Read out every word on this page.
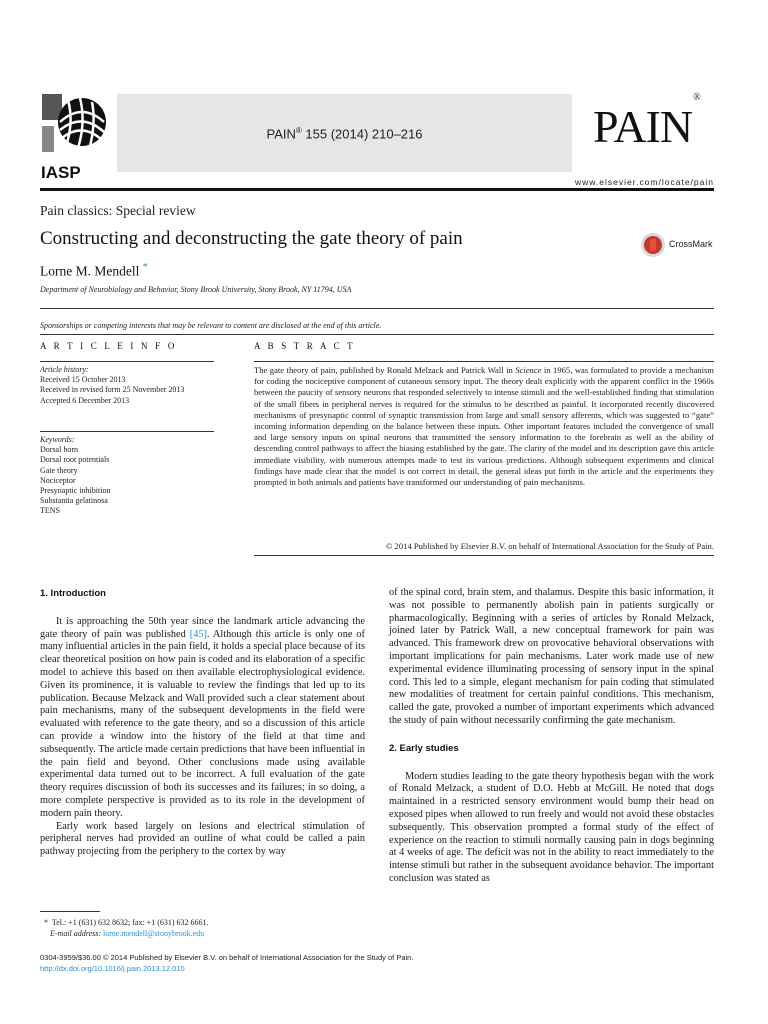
IASP
PAIN® 155 (2014) 210–216	PAIN®
www.elsevier.com/locate/pain
Pain classics: Special review
Constructing and deconstructing the gate theory of pain	CrossMark
Lorne M. Mendell *
Department of Neurobiology and Behavior, Stony Brook University, Stony Brook, NY 11794, USA
Sponsorships or competing interests that may be relevant to content are disclosed at the end of this article.
A R T I C L E I N F O	A B S T R A C T
Article history:
Received 15 October 2013
Received in revised form 25 November 2013
Accepted 6 December 2013
Keywords:
Dorsal horn
Dorsal root potentials
Gate theory
Nociceptor
Presynaptic inhibition
Substantia gelatinosa
TENS
The gate theory of pain, published by Ronald Melzack and Patrick Wall in Science in 1965, was formulated to provide a mechanism for coding the nociceptive component of cutaneous sensory input. The theory dealt explicitly with the apparent conflict in the 1960s between the paucity of sensory neurons that responded selectively to intense stimuli and the well-established finding that stimulation of the small fibers in peripheral nerves is required for the stimulus to be described as painful. It incorporated recently discovered mechanisms of presynaptic control of synaptic transmission from large and small sensory afferents, which was suggested to “gate” incoming information depending on the balance between these inputs. Other important features included the convergence of small and large sensory inputs on spinal neurons that transmitted the sensory information to the forebrain as well as the ability of descending control pathways to affect the biasing established by the gate. The clarity of the model and its description gave this article immediate visibility, with numerous attempts made to test its various predictions. Although subsequent experiments and clinical findings have made clear that the model is not correct in detail, the general ideas put forth in the article and the experiments they prompted in both animals and patients have transformed our understanding of pain mechanisms.
© 2014 Published by Elsevier B.V. on behalf of International Association for the Study of Pain.
1. Introduction

It is approaching the 50th year since the landmark article advancing the gate theory of pain was published [45]. Although this article is only one of many influential articles in the pain field, it holds a special place because of its clear theoretical position on how pain is coded and its elaboration of a specific model to achieve this based on then available electrophysiological evidence. Given its prominence, it is valuable to review the findings that led up to its publication. Because Melzack and Wall provided such a clear statement about pain mechanisms, many of the subsequent developments in the field were evaluated with reference to the gate theory, and so a discussion of this article can provide a window into the history of the field at that time and subsequently. The article made certain predictions that have been influential in the pain field and beyond. Other conclusions made using available experimental data turned out to be incorrect. A full evaluation of the gate theory requires discussion of both its successes and its failures; in so doing, a more complete perspective is provided as to its role in the development of modern pain theory.

Early work based largely on lesions and electrical stimulation of peripheral nerves had provided an outline of what could be called a pain pathway projecting from the periphery to the cortex by way

of the spinal cord, brain stem, and thalamus. Despite this basic information, it was not possible to permanently abolish pain in patients surgically or pharmacologically. Beginning with a series of articles by Ronald Melzack, joined later by Patrick Wall, a new conceptual framework for pain was advanced. This framework drew on provocative behavioral observations with important implications for pain mechanisms. Later work made use of new experimental evidence illuminating processing of sensory input in the spinal cord. This led to a simple, elegant mechanism for pain coding that stimulated new modalities of treatment for certain painful conditions. This mechanism, called the gate, provoked a number of important experiments which advanced the study of pain without necessarily confirming the gate mechanism.

2. Early studies

Modern studies leading to the gate theory hypothesis began with the work of Ronald Melzack, a student of D.O. Hebb at McGill. He noted that dogs maintained in a restricted sensory environment would bump their head on exposed pipes when allowed to run freely and would not avoid these obstacles subsequently. This observation prompted a formal study of the effect of experience on the reaction to stimuli normally causing pain in dogs beginning at 4 weeks of age. The deficit was not in the ability to react immediately to the intense stimuli but rather in the subsequent avoidance behavior. The important conclusion was stated as

* Tel.: +1 (631) 632 8632; fax: +1 (631) 632 6661.
E-mail address: lorne.mendell@stonybrook.edu
0304-3959/$36.00 © 2014 Published by Elsevier B.V. on behalf of International Association for the Study of Pain.
http://dx.doi.org/10.1016/j.pain.2013.12.010
